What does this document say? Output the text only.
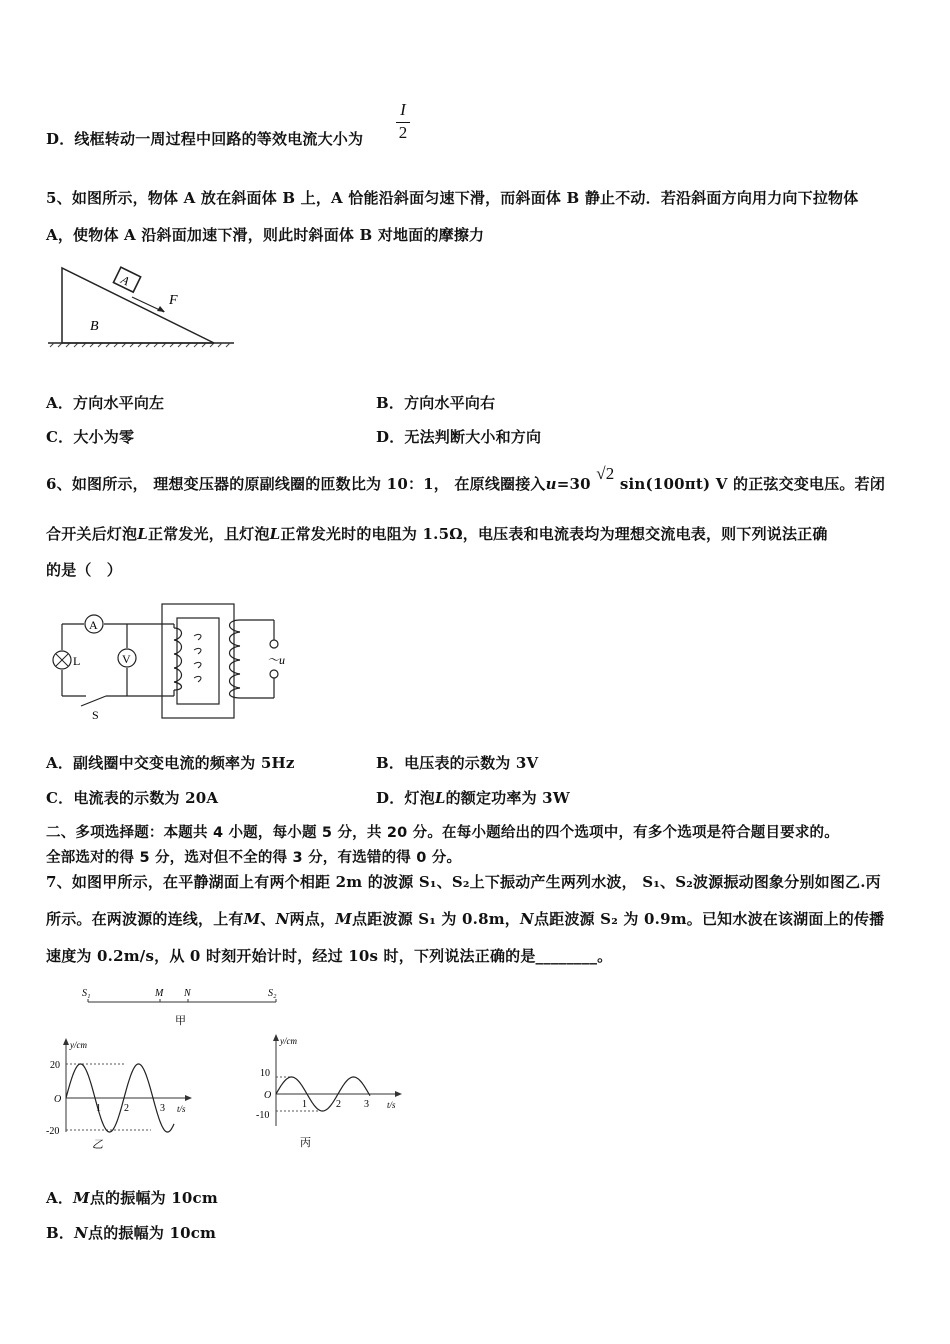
D．线框转动一周过程中回路的等效电流大小为 $\frac{I}{2}$
5、如图所示，物体 A 放在斜面体 B 上，A 恰能沿斜面匀速下滑，而斜面体 B 静止不动．若沿斜面方向用力向下拉物体
A，使物体 A 沿斜面加速下滑，则此时斜面体 B 对地面的摩擦力
A
F
B
A．方向水平向左	B．方向水平向右
C．大小为零	D．无法判断大小和方向
6、如图所示， 理想变压器的原副线圈的匝数比为 10：1， 在原线圈接入u=30 √2 sin(100πt) V 的正弦交变电压。若闭
合开关后灯泡L正常发光，且灯泡L正常发光时的电阻为 1.5Ω，电压表和电流表均为理想交流电表，则下列说法正确
的是（　）
A
V
L
S
～u
A．副线圈中交变电流的频率为 5Hz	B．电压表的示数为 3V
C．电流表的示数为 20A	D．灯泡L的额定功率为 3W
二、多项选择题：本题共 4 小题，每小题 5 分，共 20 分。在每小题给出的四个选项中，有多个选项是符合题目要求的。
全部选对的得 5 分，选对但不全的得 3 分，有选错的得 0 分。
7、如图甲所示，在平静湖面上有两个相距 2m 的波源 S₁、S₂上下振动产生两列水波， S₁、S₂波源振动图象分别如图乙.丙
所示。在两波源的连线，上有M、N两点，M点距波源 S₁ 为 0.8m，N点距波源 S₂ 为 0.9m。已知水波在该湖面上的传播
速度为 0.2m/s，从 0 时刻开始计时，经过 10s 时，下列说法正确的是________。
S₁	M N	S₂
甲
y/cm
t/s
O
20
-20
1 2	3
乙
y/cm
t/s
O
10
-10
1	2 3
丙
A．M点的振幅为 10cm
B．N点的振幅为 10cm
